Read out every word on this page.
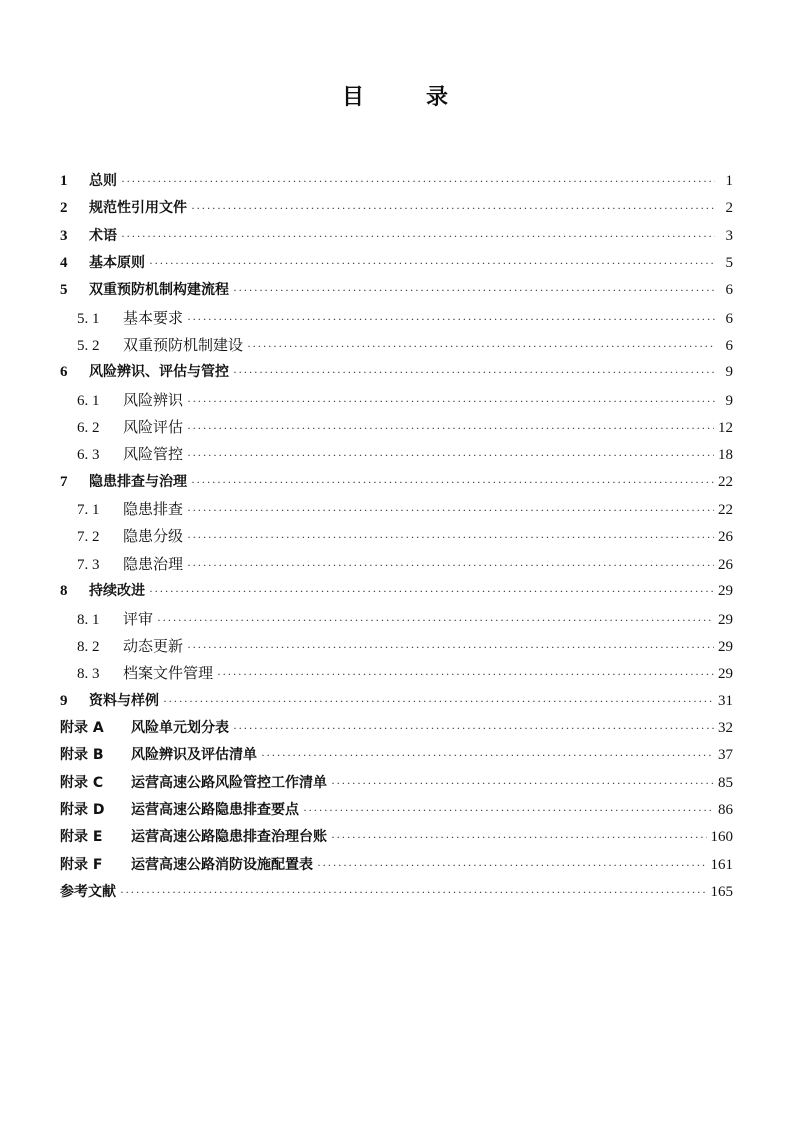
目	录
1	总则 ·····	1
2	规范性引用文件 ·····	2
3	术语 ·····	3
4	基本原则 ·····	5
5	双重预防机制构建流程 ·····	6
5. 1	基本要求 ·····	6
5. 2	双重预防机制建设 ·····	6
6	风险辨识、评估与管控 ·····	9
6. 1	风险辨识 ·····	9
6. 2	风险评估 ·····	12
6. 3	风险管控 ·····	18
7	隐患排查与治理 ·····	22
7. 1	隐患排查 ·····	22
7. 2	隐患分级 ·····	26
7. 3	隐患治理 ·····	26
8	持续改进 ·····	29
8. 1	评审 ·····	29
8. 2	动态更新 ·····	29
8. 3	档案文件管理 ·····	29
9	资料与样例 ·····	31
附录 A	风险单元划分表 ·····	32
附录 B	风险辨识及评估清单 ·····	37
附录 C	运营高速公路风险管控工作清单 ·····	85
附录 D	运营高速公路隐患排查要点 ·····	86
附录 E	运营高速公路隐患排查治理台账 ·····	160
附录 F	运营高速公路消防设施配置表 ·····	161
参考文献 ·····	165
